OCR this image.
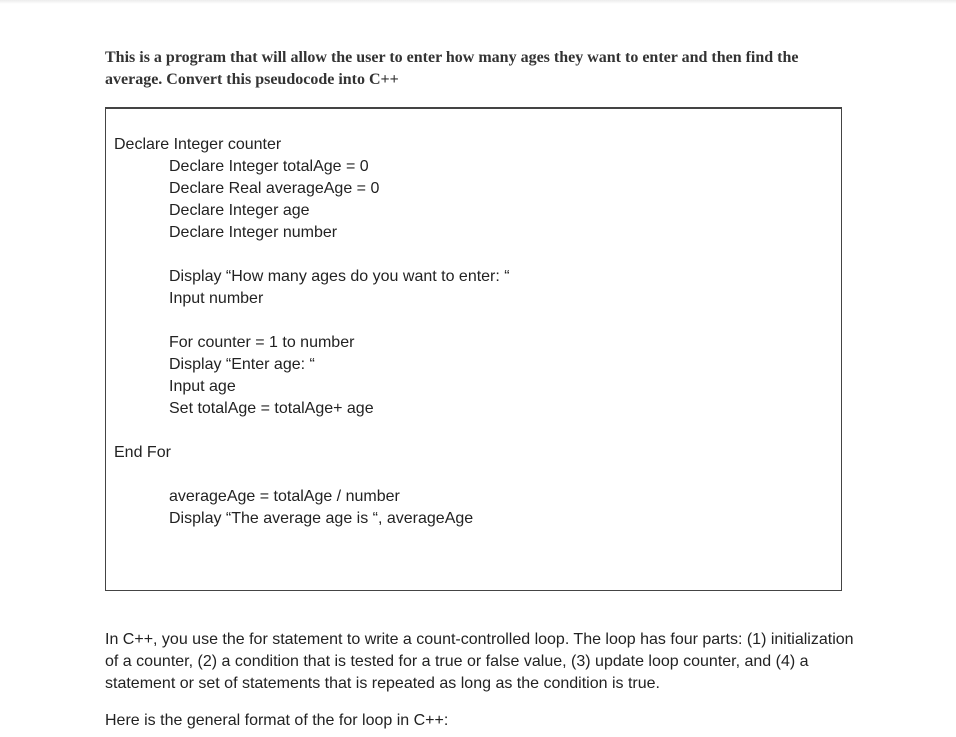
This is a program that will allow the user to enter how many ages they want to enter and then find the average. Convert this pseudocode into C++

Declare Integer counter
Declare Integer totalAge = 0
Declare Real averageAge = 0
Declare Integer age
Declare Integer number
Display “How many ages do you want to enter: “
Input number
For counter = 1 to number
Display “Enter age: “
Input age
Set totalAge = totalAge+ age
End For
averageAge = totalAge / number
Display “The average age is “, averageAge

In C++, you use the for statement to write a count-controlled loop. The loop has four parts: (1) initialization of a counter, (2) a condition that is tested for a true or false value, (3) update loop counter, and (4) a statement or set of statements that is repeated as long as the condition is true.

Here is the general format of the for loop in C++:
